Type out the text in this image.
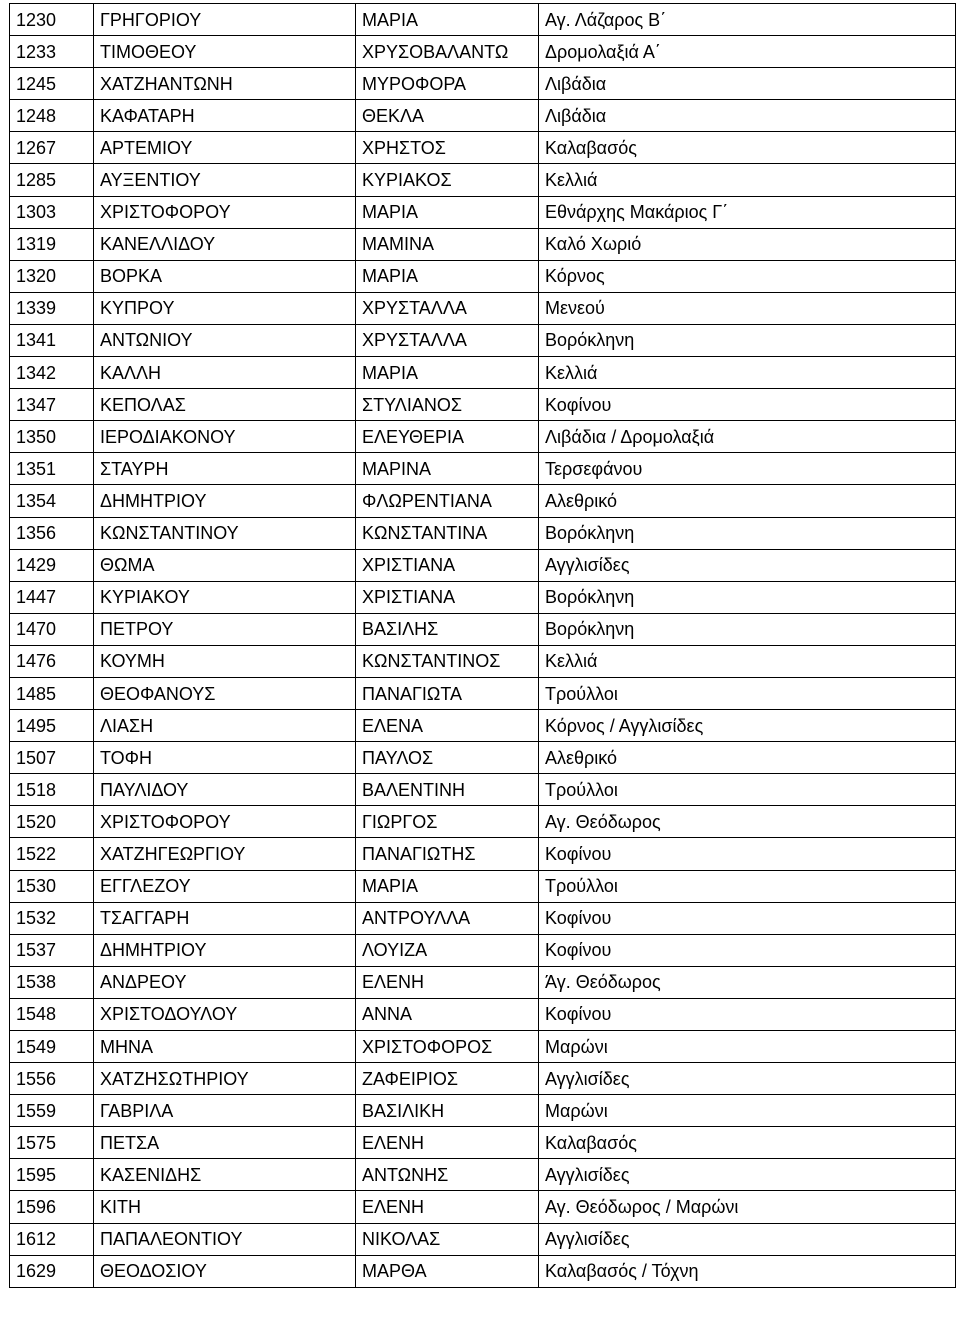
1230	ΓΡΗΓΟΡΙΟΥ	ΜΑΡΙΑ	Αγ. Λάζαρος Β΄
1233	ΤΙΜΟΘΕΟΥ	ΧΡΥΣΟΒΑΛΑΝΤΩ	Δρομολαξιά Α΄
1245	ΧΑΤΖΗΑΝΤΩΝΗ	ΜΥΡΟΦΟΡΑ	Λιβάδια
1248	ΚΑΦΑΤΑΡΗ	ΘΕΚΛΑ	Λιβάδια
1267	ΑΡΤΕΜΙΟΥ	ΧΡΗΣΤΟΣ	Καλαβασός
1285	ΑΥΞΕΝΤΙΟΥ	ΚΥΡΙΑΚΟΣ	Κελλιά
1303	ΧΡΙΣΤΟΦΟΡΟΥ	ΜΑΡΙΑ	Εθνάρχης Μακάριος Γ΄
1319	ΚΑΝΕΛΛΙΔΟΥ	ΜΑΜΙΝΑ	Καλό Χωριό
1320	ΒΟΡΚΑ	ΜΑΡΙΑ	Κόρνος
1339	ΚΥΠΡΟΥ	ΧΡΥΣΤΑΛΛΑ	Μενεού
1341	ΑΝΤΩΝΙΟΥ	ΧΡΥΣΤΑΛΛΑ	Βορόκληνη
1342	ΚΑΛΛΗ	ΜΑΡΙΑ	Κελλιά
1347	ΚΕΠΟΛΑΣ	ΣΤΥΛΙΑΝΟΣ	Κοφίνου
1350	ΙΕΡΟΔΙΑΚΟΝΟΥ	ΕΛΕΥΘΕΡΙΑ	Λιβάδια / Δρομολαξιά
1351	ΣΤΑΥΡΗ	ΜΑΡΙΝΑ	Τερσεφάνου
1354	ΔΗΜΗΤΡΙΟΥ	ΦΛΩΡΕΝΤΙΑΝΑ	Αλεθρικό
1356	ΚΩΝΣΤΑΝΤΙΝΟΥ	ΚΩΝΣΤΑΝΤΙΝΑ	Βορόκληνη
1429	ΘΩΜΑ	ΧΡΙΣΤΙΑΝΑ	Αγγλισίδες
1447	ΚΥΡΙΑΚΟΥ	ΧΡΙΣΤΙΑΝΑ	Βορόκληνη
1470	ΠΕΤΡΟΥ	ΒΑΣΙΛΗΣ	Βορόκληνη
1476	ΚΟΥΜΗ	ΚΩΝΣΤΑΝΤΙΝΟΣ	Κελλιά
1485	ΘΕΟΦΑΝΟΥΣ	ΠΑΝΑΓΙΩΤΑ	Τρούλλοι
1495	ΛΙΑΣΗ	ΕΛΕΝΑ	Κόρνος / Αγγλισίδες
1507	ΤΟΦΗ	ΠΑΥΛΟΣ	Αλεθρικό
1518	ΠΑΥΛΙΔΟΥ	ΒΑΛΕΝΤΙΝΗ	Τρούλλοι
1520	ΧΡΙΣΤΟΦΟΡΟΥ	ΓΙΩΡΓΟΣ	Αγ. Θεόδωρος
1522	ΧΑΤΖΗΓΕΩΡΓΙΟΥ	ΠΑΝΑΓΙΩΤΗΣ	Κοφίνου
1530	ΕΓΓΛΕΖΟΥ	ΜΑΡΙΑ	Τρούλλοι
1532	ΤΣΑΓΓΑΡΗ	ΑΝΤΡΟΥΛΛΑ	Κοφίνου
1537	ΔΗΜΗΤΡΙΟΥ	ΛΟΥΙΖΑ	Κοφίνου
1538	ΑΝΔΡΕΟΥ	ΕΛΕΝΗ	Άγ. Θεόδωρος
1548	ΧΡΙΣΤΟΔΟΥΛΟΥ	ΑΝΝΑ	Κοφίνου
1549	ΜΗΝΑ	ΧΡΙΣΤΟΦΟΡΟΣ	Μαρώνι
1556	ΧΑΤΖΗΣΩΤΗΡΙΟΥ	ΖΑΦΕΙΡΙΟΣ	Αγγλισίδες
1559	ΓΑΒΡΙΛΑ	ΒΑΣΙΛΙΚΗ	Μαρώνι
1575	ΠΕΤΣΑ	ΕΛΕΝΗ	Καλαβασός
1595	ΚΑΣΕΝΙΔΗΣ	ΑΝΤΩΝΗΣ	Αγγλισίδες
1596	ΚΙΤΗ	ΕΛΕΝΗ	Αγ. Θεόδωρος / Μαρώνι
1612	ΠΑΠΑΛΕΟΝΤΙΟΥ	ΝΙΚΟΛΑΣ	Αγγλισίδες
1629	ΘΕΟΔΟΣΙΟΥ	ΜΑΡΘΑ	Καλαβασός / Τόχνη
